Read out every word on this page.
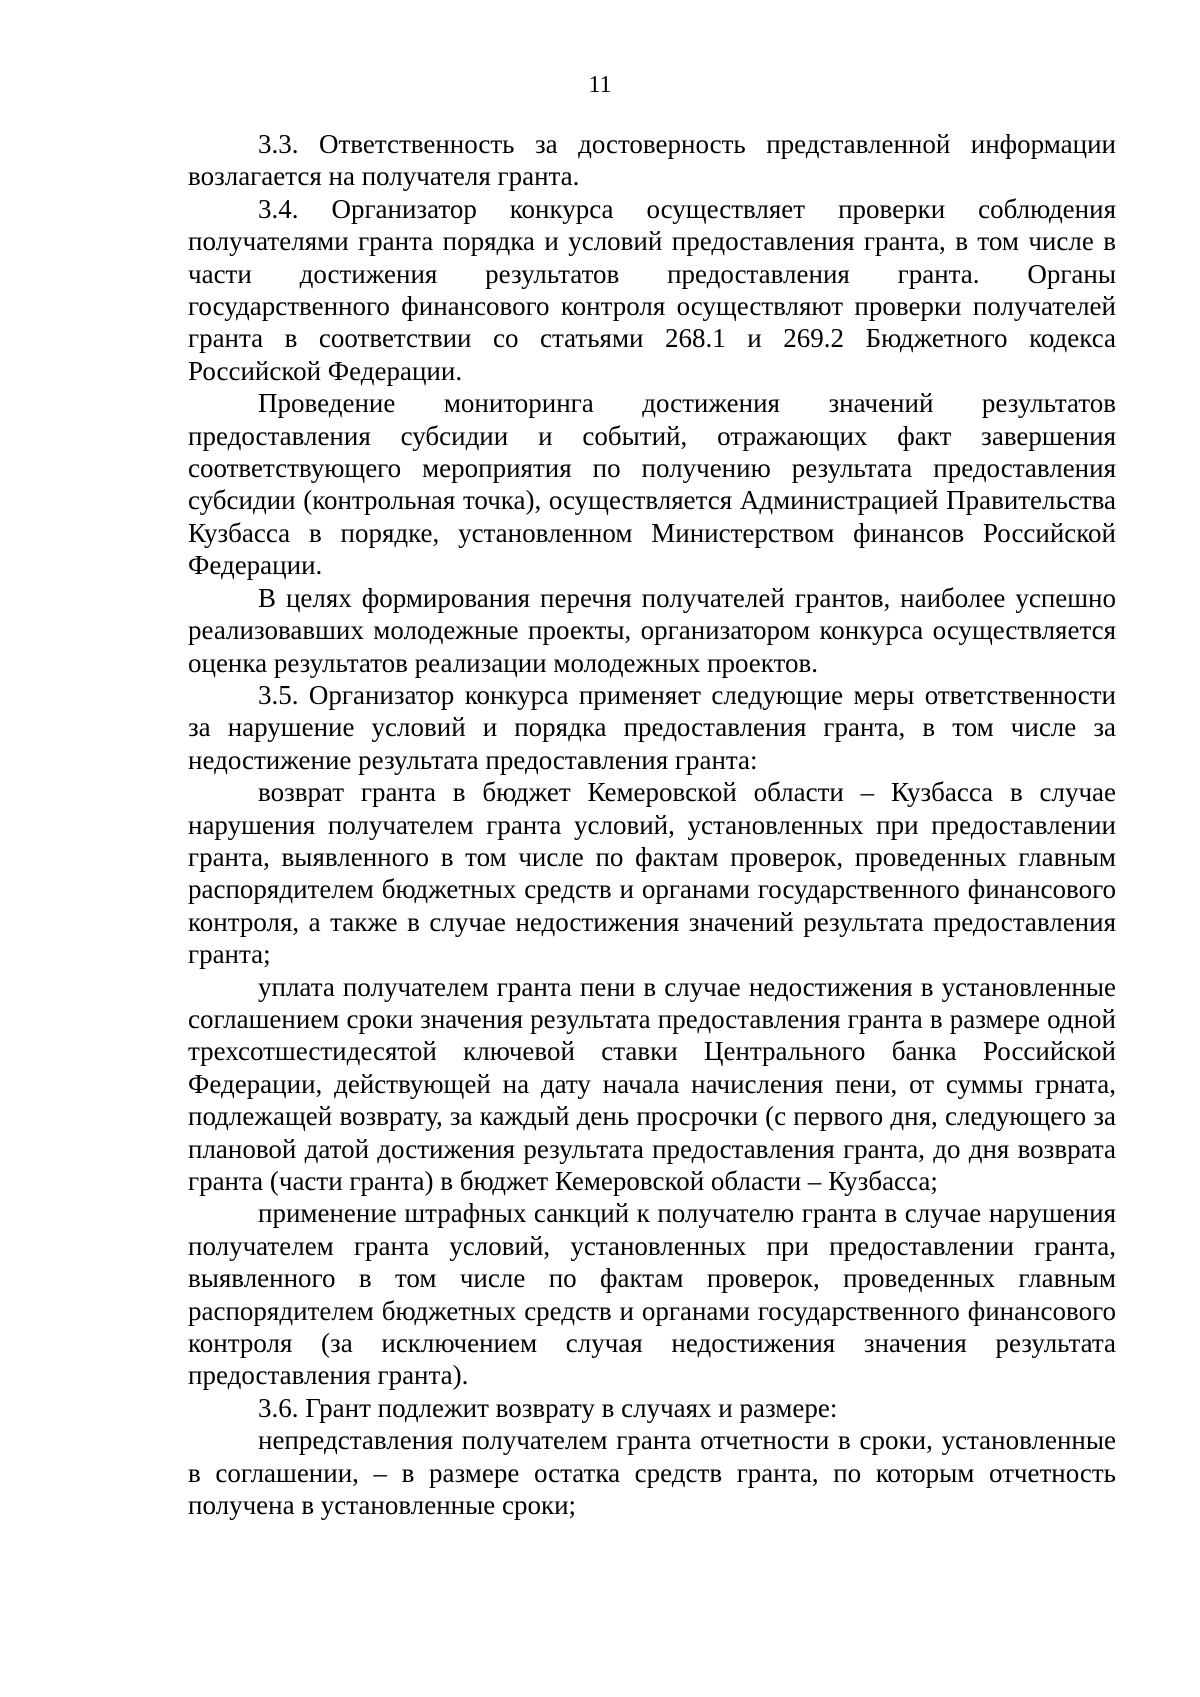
11

3.3. Ответственность за достоверность представленной информации возлагается на получателя гранта.

3.4. Организатор конкурса осуществляет проверки соблюдения получателями гранта порядка и условий предоставления гранта, в том числе в части достижения результатов предоставления гранта. Органы государственного финансового контроля осуществляют проверки получателей гранта в соответствии со статьями 268.1 и 269.2 Бюджетного кодекса Российской Федерации.

Проведение мониторинга достижения значений результатов предоставления субсидии и событий, отражающих факт завершения соответствующего мероприятия по получению результата предоставления субсидии (контрольная точка), осуществляется Администрацией Правительства Кузбасса в порядке, установленном Министерством финансов Российской Федерации.

В целях формирования перечня получателей грантов, наиболее успешно реализовавших молодежные проекты, организатором конкурса осуществляется оценка результатов реализации молодежных проектов.

3.5. Организатор конкурса применяет следующие меры ответственности за нарушение условий и порядка предоставления гранта, в том числе за недостижение результата предоставления гранта:

возврат гранта в бюджет Кемеровской области – Кузбасса в случае нарушения получателем гранта условий, установленных при предоставлении гранта, выявленного в том числе по фактам проверок, проведенных главным распорядителем бюджетных средств и органами государственного финансового контроля, а также в случае недостижения значений результата предоставления гранта;

уплата получателем гранта пени в случае недостижения в установленные соглашением сроки значения результата предоставления гранта в размере одной трехсотшестидесятой ключевой ставки Центрального банка Российской Федерации, действующей на дату начала начисления пени, от суммы грната, подлежащей возврату, за каждый день просрочки (с первого дня, следующего за плановой датой достижения результата предоставления гранта, до дня возврата гранта (части гранта) в бюджет Кемеровской области – Кузбасса;

применение штрафных санкций к получателю гранта в случае нарушения получателем гранта условий, установленных при предоставлении гранта, выявленного в том числе по фактам проверок, проведенных главным распорядителем бюджетных средств и органами государственного финансового контроля (за исключением случая недостижения значения результата предоставления гранта).

3.6. Грант подлежит возврату в случаях и размере:

непредставления получателем гранта отчетности в сроки, установленные в соглашении, – в размере остатка средств гранта, по которым отчетность получена в установленные сроки;
